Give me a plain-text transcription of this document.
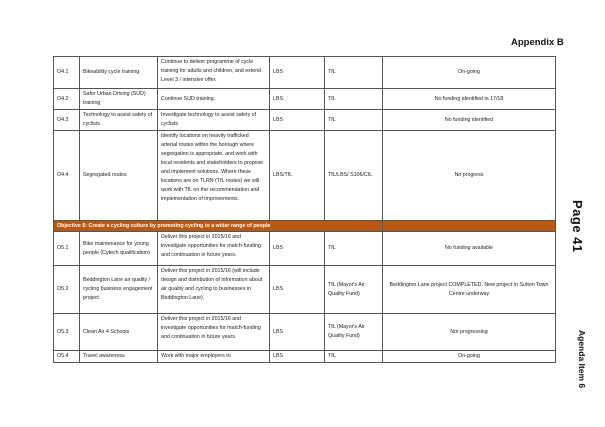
Appendix B
O4.1	Bikeability cycle training	Continue to deliver programme of cycle training for adults and children, and extend Level 3 / intensive offer.	LBS	TfL	On-going
O4.2	Safer Urban Driving (SUD) training	Continue SUD training.	LBS	TfL	No funding identified in 17/18
O4.3	Technology to assist safety of cyclists	Investigate technology to assist safety of cyclists	LBS	TfL	No funding identified
O4.4	Segregated routes	Identify locations on heavily trafficked arterial routes within the borough where segregation is appropriate, and work with local residents and stakeholders to propose and implement solutions. Where these locations are on TLRN (TfL routes) we will work with TfL on the recommendation and implementation of improvements.	LBS/TfL	TfL/LBS/ S106/CIL	No progress
Objective 5: Create a cycling culture by promoting cycling to a wider range of people					
O5.1	Bike maintenance for young people (Cytech qualification)	Deliver this project in 2015/16 and investigate opportunities for match-funding and continuation in future years.	LBS	TfL	No funding available
O5.2	Beddington Lane air quality / cycling business engagement project	Deliver this project in 2015/16 (will include design and distribution of information about air quality and cycling to businesses in Beddington Lane).	LBS	TfL (Mayor's Air Quality Fund)	Beddington Lane project COMPLETED. New project in Sutton Town Centre underway
O5.3	Clean Air 4 Schools	Deliver this project in 2015/16 and investigate opportunities for match-funding and continuation in future years.	LBS	TfL (Mayor's Air Quality Fund)	Not progressing
O5.4	Travel awareness	Work with major employers to	LBS	TfL	On-going
Page 41
Agenda Item 6
